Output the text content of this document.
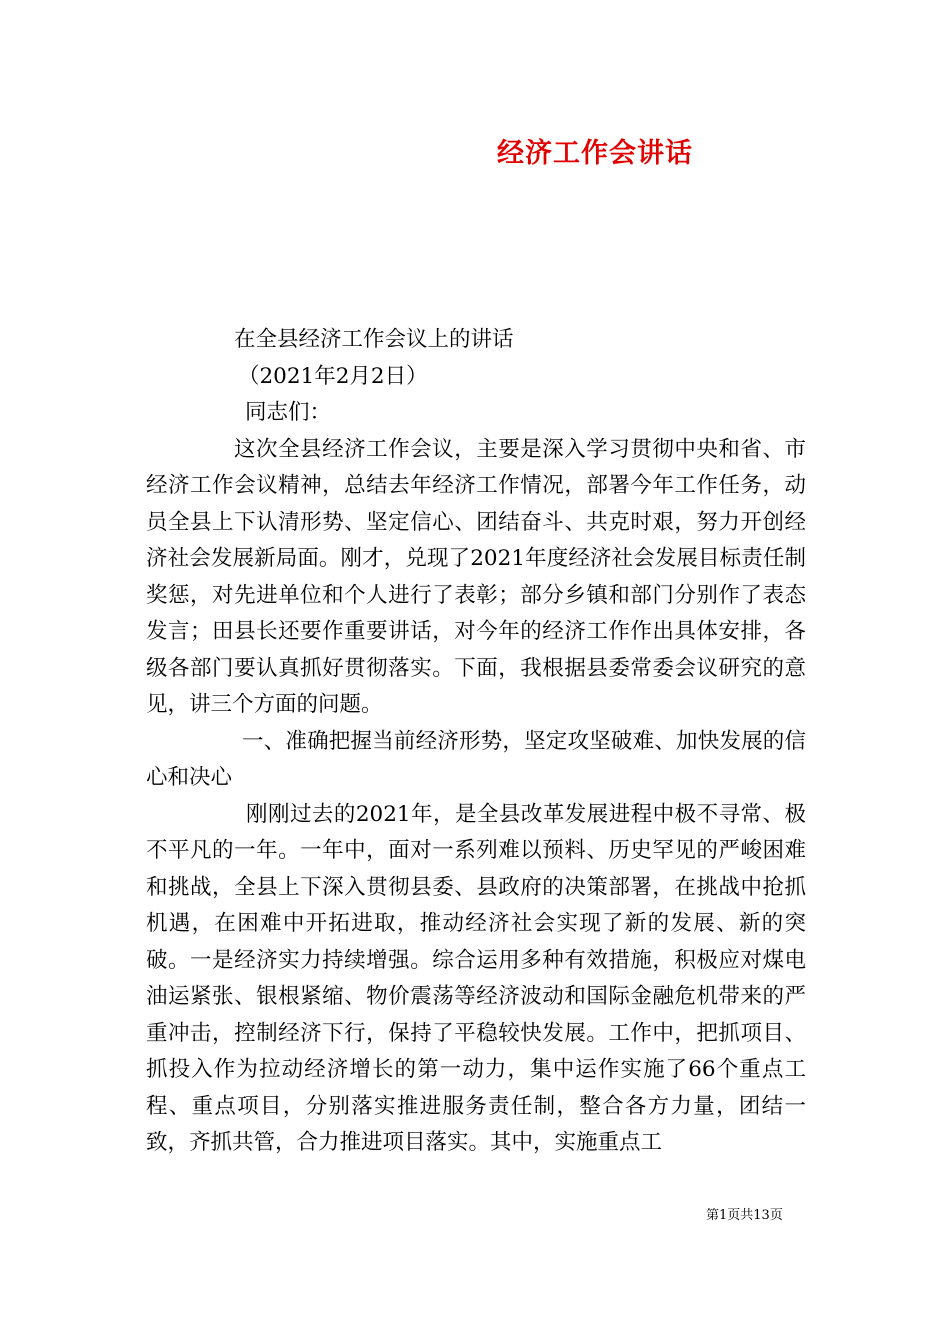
经济工作会讲话

在全县经济工作会议上的讲话

（2021年2月2日）

同志们：

这次全县经济工作会议，主要是深入学习贯彻中央和省、市经济工作会议精神，总结去年经济工作情况，部署今年工作任务，动员全县上下认清形势、坚定信心、团结奋斗、共克时艰，努力开创经济社会发展新局面。刚才，兑现了2021年度经济社会发展目标责任制奖惩，对先进单位和个人进行了表彰；部分乡镇和部门分别作了表态发言；田县长还要作重要讲话，对今年的经济工作作出具体安排，各级各部门要认真抓好贯彻落实。下面，我根据县委常委会议研究的意见，讲三个方面的问题。

一、准确把握当前经济形势，坚定攻坚破难、加快发展的信心和决心

刚刚过去的2021年，是全县改革发展进程中极不寻常、极不平凡的一年。一年中，面对一系列难以预料、历史罕见的严峻困难和挑战，全县上下深入贯彻县委、县政府的决策部署，在挑战中抢抓机遇，在困难中开拓进取，推动经济社会实现了新的发展、新的突破。一是经济实力持续增强。综合运用多种有效措施，积极应对煤电油运紧张、银根紧缩、物价震荡等经济波动和国际金融危机带来的严重冲击，控制经济下行，保持了平稳较快发展。工作中，把抓项目、抓投入作为拉动经济增长的第一动力，集中运作实施了66个重点工程、重点项目，分别落实推进服务责任制，整合各方力量，团结一致，齐抓共管，合力推进项目落实。其中，实施重点工

第1页共13页
